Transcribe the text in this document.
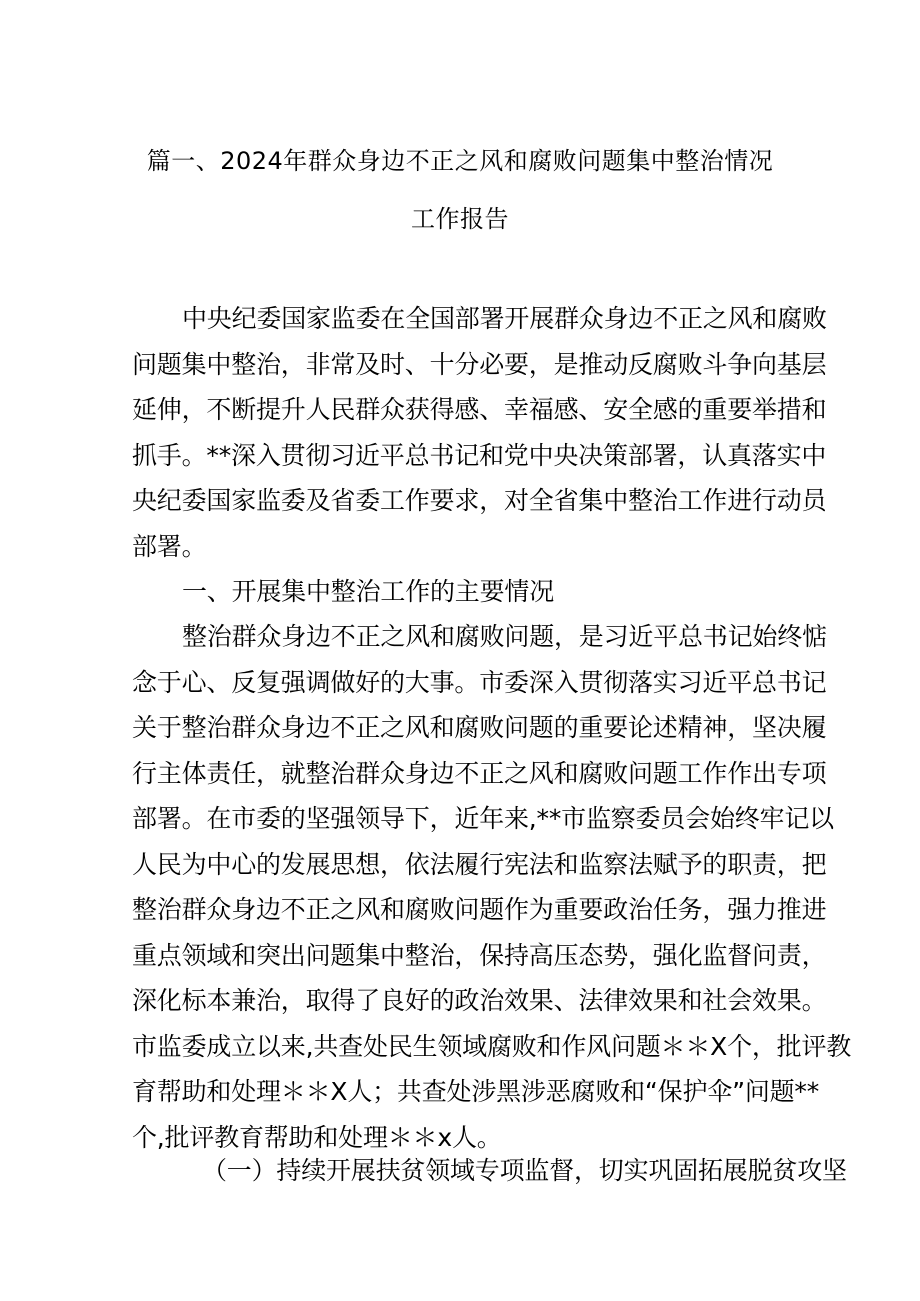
篇一、2024年群众身边不正之风和腐败问题集中整治情况
工作报告
中央纪委国家监委在全国部署开展群众身边不正之风和腐败
问题集中整治，非常及时、十分必要，是推动反腐败斗争向基层
延伸，不断提升人民群众获得感、幸福感、安全感的重要举措和
抓手。**深入贯彻习近平总书记和党中央决策部署，认真落实中
央纪委国家监委及省委工作要求，对全省集中整治工作进行动员
部署。
一、开展集中整治工作的主要情况
整治群众身边不正之风和腐败问题，是习近平总书记始终惦
念于心、反复强调做好的大事。市委深入贯彻落实习近平总书记
关于整治群众身边不正之风和腐败问题的重要论述精神，坚决履
行主体责任，就整治群众身边不正之风和腐败问题工作作出专项
部署。在市委的坚强领导下，近年来,**市监察委员会始终牢记以
人民为中心的发展思想，依法履行宪法和监察法赋予的职责，把
整治群众身边不正之风和腐败问题作为重要政治任务，强力推进
重点领域和突出问题集中整治，保持高压态势，强化监督问责，
深化标本兼治，取得了良好的政治效果、法律效果和社会效果。
市监委成立以来,共查处民生领域腐败和作风问题＊＊X个，批评教
育帮助和处理＊＊X人；共查处涉黑涉恶腐败和“保护伞”问题**
个,批评教育帮助和处理＊＊x人。
（一）持续开展扶贫领域专项监督，切实巩固拓展脱贫攻坚
